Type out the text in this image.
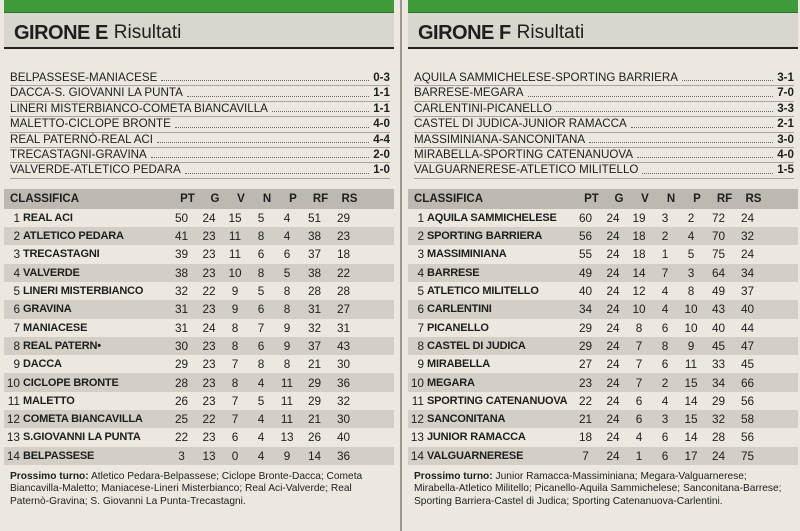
GIRONE E Risultati
BELPASSESE-MANIACESE	0-3
DACCA-S. GIOVANNI LA PUNTA	1-1
LINERI MISTERBIANCO-COMETA BIANCAVILLA	1-1
MALETTO-CICLOPE BRONTE	4-0
REAL PATERNÒ-REAL ACI	4-4
TRECASTAGNI-GRAVINA	2-0
VALVERDE-ATLETICO PEDARA	1-0
CLASSIFICA	PT	G	V	N	P	RF	RS
1 REAL ACI	50	24	15	5	4	51	29
2 ATLETICO PEDARA	41	23	11	8	4	38	23
3 TRECASTAGNI	39	23	11	6	6	37	18
4 VALVERDE	38	23	10	8	5	38	22
5 LINERI MISTERBIANCO	32	22	9	5	8	28	28
6 GRAVINA	31	23	9	6	8	31	27
7 MANIACESE	31	24	8	7	9	32	31
8 REAL PATERN•	30	23	8	6	9	37	43
9 DACCA	29	23	7	8	8	21	30
10 CICLOPE BRONTE	28	23	8	4	11	29	36
11 MALETTO	26	23	7	5	11	29	32
12 COMETA BIANCAVILLA	25	22	7	4	11	21	30
13 S.GIOVANNI LA PUNTA	22	23	6	4	13	26	40
14 BELPASSESE	3	13	0	4	9	14	36
Prossimo turno: Atletico Pedara-Belpassese; Ciclope Bronte-Dacca; Cometa Biancavilla-Maletto; Maniacese-Lineri Misterbianco; Real Aci-Valverde; Real Paternò-Gravina; S. Giovanni La Punta-Trecastagni.
GIRONE F Risultati
AQUILA SAMMICHELESE-SPORTING BARRIERA	3-1
BARRESE-MEGARA	7-0
CARLENTINI-PICANELLO	3-3
CASTEL DI JUDICA-JUNIOR RAMACCA	2-1
MASSIMINIANA-SANCONITANA	3-0
MIRABELLA-SPORTING CATENANUOVA	4-0
VALGUARNERESE-ATLETICO MILITELLO	1-5
CLASSIFICA	PT	G	V	N	P	RF	RS
1 AQUILA SAMMICHELESE	60	24	19	3	2	72	24
2 SPORTING BARRIERA	56	24	18	2	4	70	32
3 MASSIMINIANA	55	24	18	1	5	75	24
4 BARRESE	49	24	14	7	3	64	34
5 ATLETICO MILITELLO	40	24	12	4	8	49	37
6 CARLENTINI	34	24	10	4	10	43	40
7 PICANELLO	29	24	8	6	10	40	44
8 CASTEL DI JUDICA	29	24	7	8	9	45	47
9 MIRABELLA	27	24	7	6	11	33	45
10 MEGARA	23	24	7	2	15	34	66
11 SPORTING CATENANUOVA 22	24	6	4	14	29	56
12 SANCONITANA	21	24	6	3	15	32	58
13 JUNIOR RAMACCA	18	24	4	6	14	28	56
14 VALGUARNERESE	7	24	1	6	17	24	75
Prossimo turno: Junior Ramacca-Massiminiana; Megara-Valguarnerese; Mirabella-Atletico Militello; Picanello-Aquila Sammichelese; Sanconitana-Barrese; Sporting Barriera-Castel di Judica; Sporting Catenanuova-Carlentini.
